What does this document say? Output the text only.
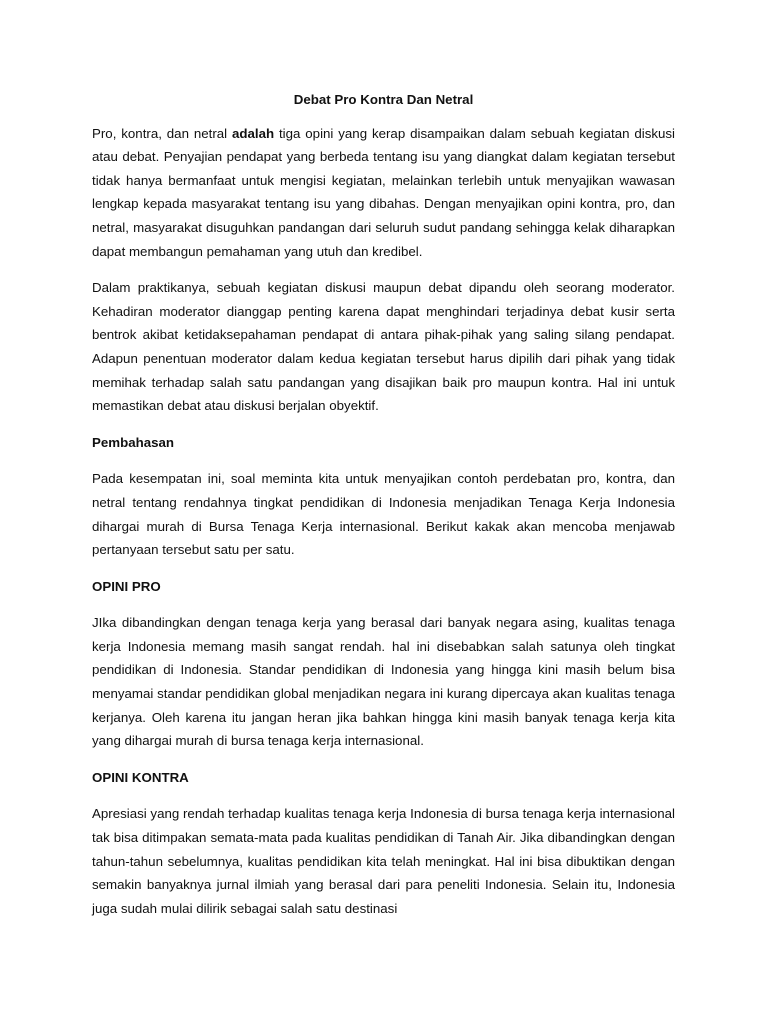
Debat Pro Kontra Dan Netral

Pro, kontra, dan netral adalah tiga opini yang kerap disampaikan dalam sebuah kegiatan diskusi atau debat. Penyajian pendapat yang berbeda tentang isu yang diangkat dalam kegiatan tersebut tidak hanya bermanfaat untuk mengisi kegiatan, melainkan terlebih untuk menyajikan wawasan lengkap kepada masyarakat tentang isu yang dibahas. Dengan menyajikan opini kontra, pro, dan netral, masyarakat disuguhkan pandangan dari seluruh sudut pandang sehingga kelak diharapkan dapat membangun pemahaman yang utuh dan kredibel.

Dalam praktikanya, sebuah kegiatan diskusi maupun debat dipandu oleh seorang moderator. Kehadiran moderator dianggap penting karena dapat menghindari terjadinya debat kusir serta bentrok akibat ketidaksepahaman pendapat di antara pihak-pihak yang saling silang pendapat. Adapun penentuan moderator dalam kedua kegiatan tersebut harus dipilih dari pihak yang tidak memihak terhadap salah satu pandangan yang disajikan baik pro maupun kontra. Hal ini untuk memastikan debat atau diskusi berjalan obyektif.

Pembahasan

Pada kesempatan ini, soal meminta kita untuk menyajikan contoh perdebatan pro, kontra, dan netral tentang rendahnya tingkat pendidikan di Indonesia menjadikan Tenaga Kerja Indonesia dihargai murah di Bursa Tenaga Kerja internasional. Berikut kakak akan mencoba menjawab pertanyaan tersebut satu per satu.

OPINI PRO

JIka dibandingkan dengan tenaga kerja yang berasal dari banyak negara asing, kualitas tenaga kerja Indonesia memang masih sangat rendah. hal ini disebabkan salah satunya oleh tingkat pendidikan di Indonesia. Standar pendidikan di Indonesia yang hingga kini masih belum bisa menyamai standar pendidikan global menjadikan negara ini kurang dipercaya akan kualitas tenaga kerjanya. Oleh karena itu jangan heran jika bahkan hingga kini masih banyak tenaga kerja kita yang dihargai murah di bursa tenaga kerja internasional.

OPINI KONTRA

Apresiasi yang rendah terhadap kualitas tenaga kerja Indonesia di bursa tenaga kerja internasional tak bisa ditimpakan semata-mata pada kualitas pendidikan di Tanah Air. Jika dibandingkan dengan tahun-tahun sebelumnya, kualitas pendidikan kita telah meningkat. Hal ini bisa dibuktikan dengan semakin banyaknya jurnal ilmiah yang berasal dari para peneliti Indonesia. Selain itu, Indonesia juga sudah mulai dilirik sebagai salah satu destinasi
